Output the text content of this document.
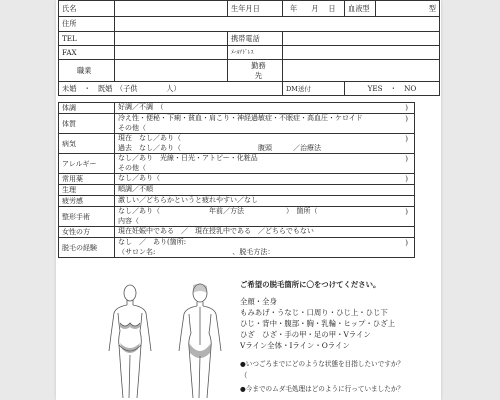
氏名		生年月日	年 月 日	血液型	型
住所					
TEL		携帯電話			
FAX		ﾒｰﾙｱﾄﾞﾚｽ			
職業		勤務
先			

未婚　・　既婚　（子供　　　　人）			DM送付	YES　・　NO	
体調	好調／不調　（ )

体質	冷え性・便秘・下痢・貧血・肩こり・神経過敏症・不眠症・高血圧・ケロイド
その他（
)

病気	現在　なし／あり（
過去　なし／あり（　　　　　　　　　　　腹頭　　　／治療法
)

アレルギー	なし／あり　光線・日光・アトピー・化粧品
その他（
)

常用薬	なし／あり（ )

生理	順調／不順

疲労感	激しい／どちらかというと疲れやすい／なし

整形手術	なし／あり（　　　　　　　年前／方法　　　　　　）　箇所（
内容（
)

女性の方	現在妊娠中である　／　現在授乳中である　／どちらでもない

脱毛の経験	なし　／　あり(箇所:
（サロン名:　　　　　　　　　　　、脱毛方法：
)
ご希望の脱毛箇所に〇をつけてください。
全顔・全身
もみあげ・うなじ・口周り・ひじ上・ひじ下
ひじ・背中・腹部・胸・乳輪・ヒップ・ひざ上
ひざ　ひざ・手の甲・足の甲・Vライン
Vライン全体・Iライン・Oライン
●いつごろまでにどのような状態を目指したいですか？
（
●今までのムダ毛処理はどのように行っていましたか？
